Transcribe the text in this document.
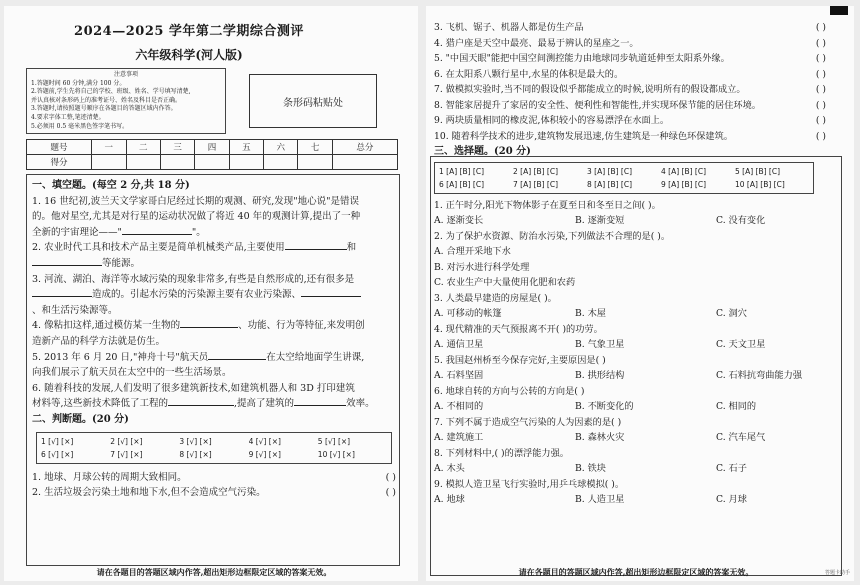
2024—2025 学年第二学期综合测评
六年级科学(河人版)
注意事项
1.答题时间 60 分钟,满分 100 分。
2.答题前,学生先将自己的学校、班级、姓名、学号填写清楚,
并认真核对条形码上的准考证号、姓名及科目是否正确。
3.答题时,请按照题号顺序在各题目的答题区域内作答。
4.要求字体工整,笔迹清楚。
5.必须用 0.5 毫米黑色签字笔书写。
条形码粘贴处
题号	一	二	三	四	五	六	七	总分
得分								
一、填空题。(每空 2 分,共 18 分)
1. 16 世纪初,波兰天文学家哥白尼经过长期的观测、研究,发现"地心说"是错误
的。他对星空,尤其是对行星的运动状况做了将近 40 年的观测计算,提出了一种
全新的宇宙理论——"	"。
2. 农业时代工具和技术产品主要是简单机械类产品,主要使用	和
等能源。
3. 河流、湖泊、海洋等水域污染的现象非常多,有些是自然形成的,还有很多是
造成的。引起水污染的污染源主要有农业污染源、
、和生活污染源等。
4. 像粘扣这样,通过模仿某一生物的	、功能、行为等特征,来发明创
造新产品的科学方法就是仿生。
5. 2013 年 6 月 20 日,"神舟十号"航天员	在太空给地面学生讲课,
向我们展示了航天员在太空中的一些生活场景。
6. 随着科技的发展,人们发明了很多建筑新技术,如建筑机器人和 3D 打印建筑
材料等,这些新技术降低了工程的	,提高了建筑的	效率。
二、判断题。(20 分)
1 [√] [×]	2 [√] [×]	3 [√] [×]	4 [√] [×]	5 [√] [×]
6 [√] [×]	7 [√] [×]	8 [√] [×]	9 [√] [×]	10 [√] [×]
1. 地球、月球公转的周期大致相同。	( )
2. 生活垃圾会污染土地和地下水,但不会造成空气污染。	( )
请在各题目的答题区域内作答,超出矩形边框限定区域的答案无效。
3. 飞机、锯子、机器人都是仿生产品	( )
4. 猎户座是天空中最亮、最易于辨认的星座之一。	( )
5. "中国天眼"能把中国空间测控能力由地球同步轨道延伸至太阳系外缘。	( )
6. 在太阳系八颗行星中,水星的体积是最大的。	( )
7. 做模拟实验时,当不同的假设似乎都能成立的时候,说明所有的假设都成立。	( )
8. 智能家居提升了家居的安全性、便利性和智能性,并实现环保节能的居住环境。	( )
9. 两块质量相同的橡皮泥,体积较小的容易漂浮在水面上。	( )
10. 随着科学技术的进步,建筑物发展迅速,仿生建筑是一种绿色环保建筑。	( )
三、选择题。(20 分)
1 [A] [B] [C]	2 [A] [B] [C]	3 [A] [B] [C]	4 [A] [B] [C]	5 [A] [B] [C]
6 [A] [B] [C]	7 [A] [B] [C]	8 [A] [B] [C]	9 [A] [B] [C]	10 [A] [B] [C]
1. 正午时分,阳光下物体影子在夏至日和冬至日之间( )。
A. 逐渐变长	B. 逐渐变短	C. 没有变化
2. 为了保护水资源、防治水污染,下列做法不合理的是( )。
A. 合理开采地下水
B. 对污水进行科学处理
C. 农业生产中大量使用化肥和农药
3. 人类最早建造的房屋是( )。
A. 可移动的帐篷	B. 木屋	C. 洞穴
4. 现代精准的天气预报离不开( )的功劳。
A. 通信卫星	B. 气象卫星	C. 天文卫星
5. 我国赵州桥至今保存完好,主要原因是( )
A. 石料坚固	B. 拱形结构	C. 石料抗弯曲能力强
6. 地球自转的方向与公转的方向是( )
A. 不相同的	B. 不断变化的	C. 相同的
7. 下列不属于造成空气污染的人为因素的是( )
A. 建筑施工	B. 森林火灾	C. 汽车尾气
8. 下列材料中,( )的漂浮能力强。
A. 木头	B. 铁块	C. 石子
9. 模拟人造卫星飞行实验时,用乒乓球模拟( )。
A. 地球	B. 人造卫星	C. 月球
请在各题目的答题区域内作答,超出矩形边框限定区域的答案无效。	答题卡助手
